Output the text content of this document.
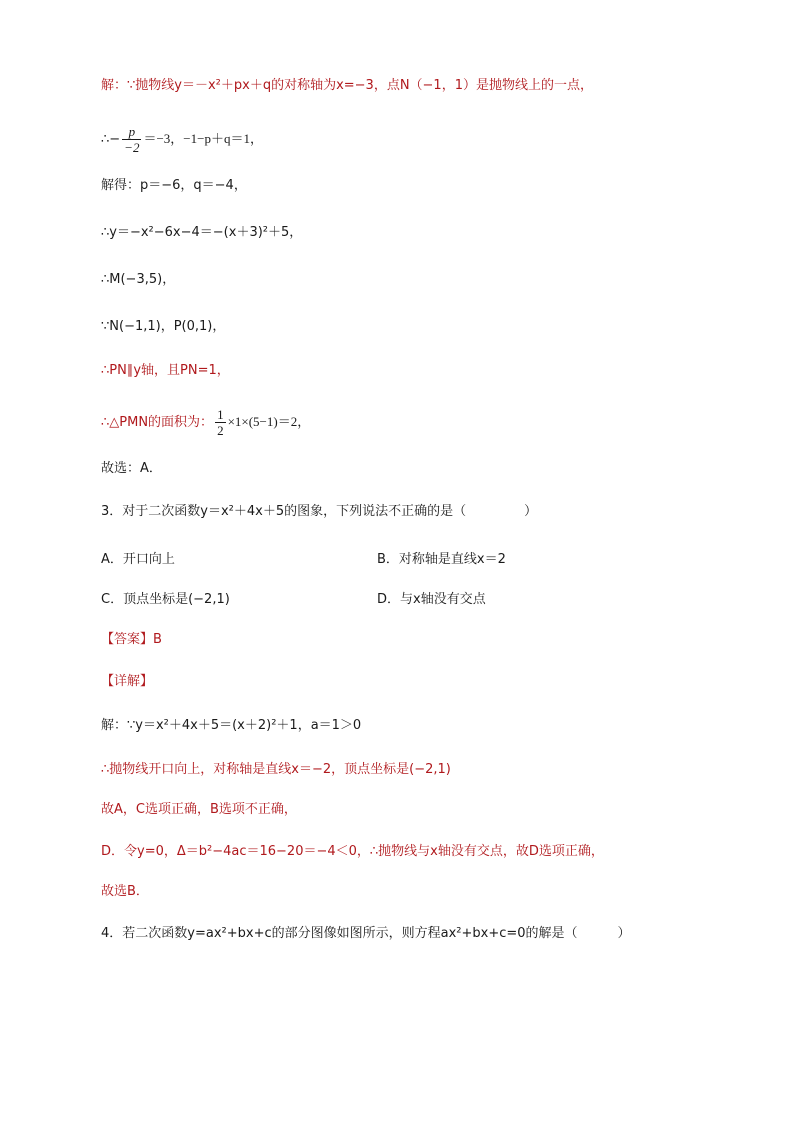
解：∵抛物线y＝－x²＋px＋q的对称轴为x=−3，点N（−1，1）是抛物线上的一点，
∴− $\frac{p}{-2} =-3$，−1−p＋q＝1，
解得：p＝−6，q＝−4，
∴y＝−x²−6x−4＝−(x＋3)²＋5，
∴M(−3,5)，
∵N(−1,1)，P(0,1)，
∴PN∥y轴，且PN=1，
∴△PMN的面积为： $\frac{1}{2} \times 1\times(5-1)=2$，
故选：A．
3．对于二次函数y＝x²＋4x＋5的图象，下列说法不正确的是（	）
A．开口向上	B．对称轴是直线x＝2
C．顶点坐标是(−2,1)	D．与x轴没有交点
【答案】B
【详解】
解：∵y＝x²＋4x＋5＝(x＋2)²＋1，a＝1＞0
∴抛物线开口向上，对称轴是直线x＝−2，顶点坐标是(−2,1)
故A，C选项正确，B选项不正确，
D．令y=0，Δ＝b²−4ac＝16−20＝−4＜0，∴抛物线与x轴没有交点，故D选项正确，
故选B．
4．若二次函数y=ax²+bx+c的部分图像如图所示，则方程ax²+bx+c=0的解是（	）
